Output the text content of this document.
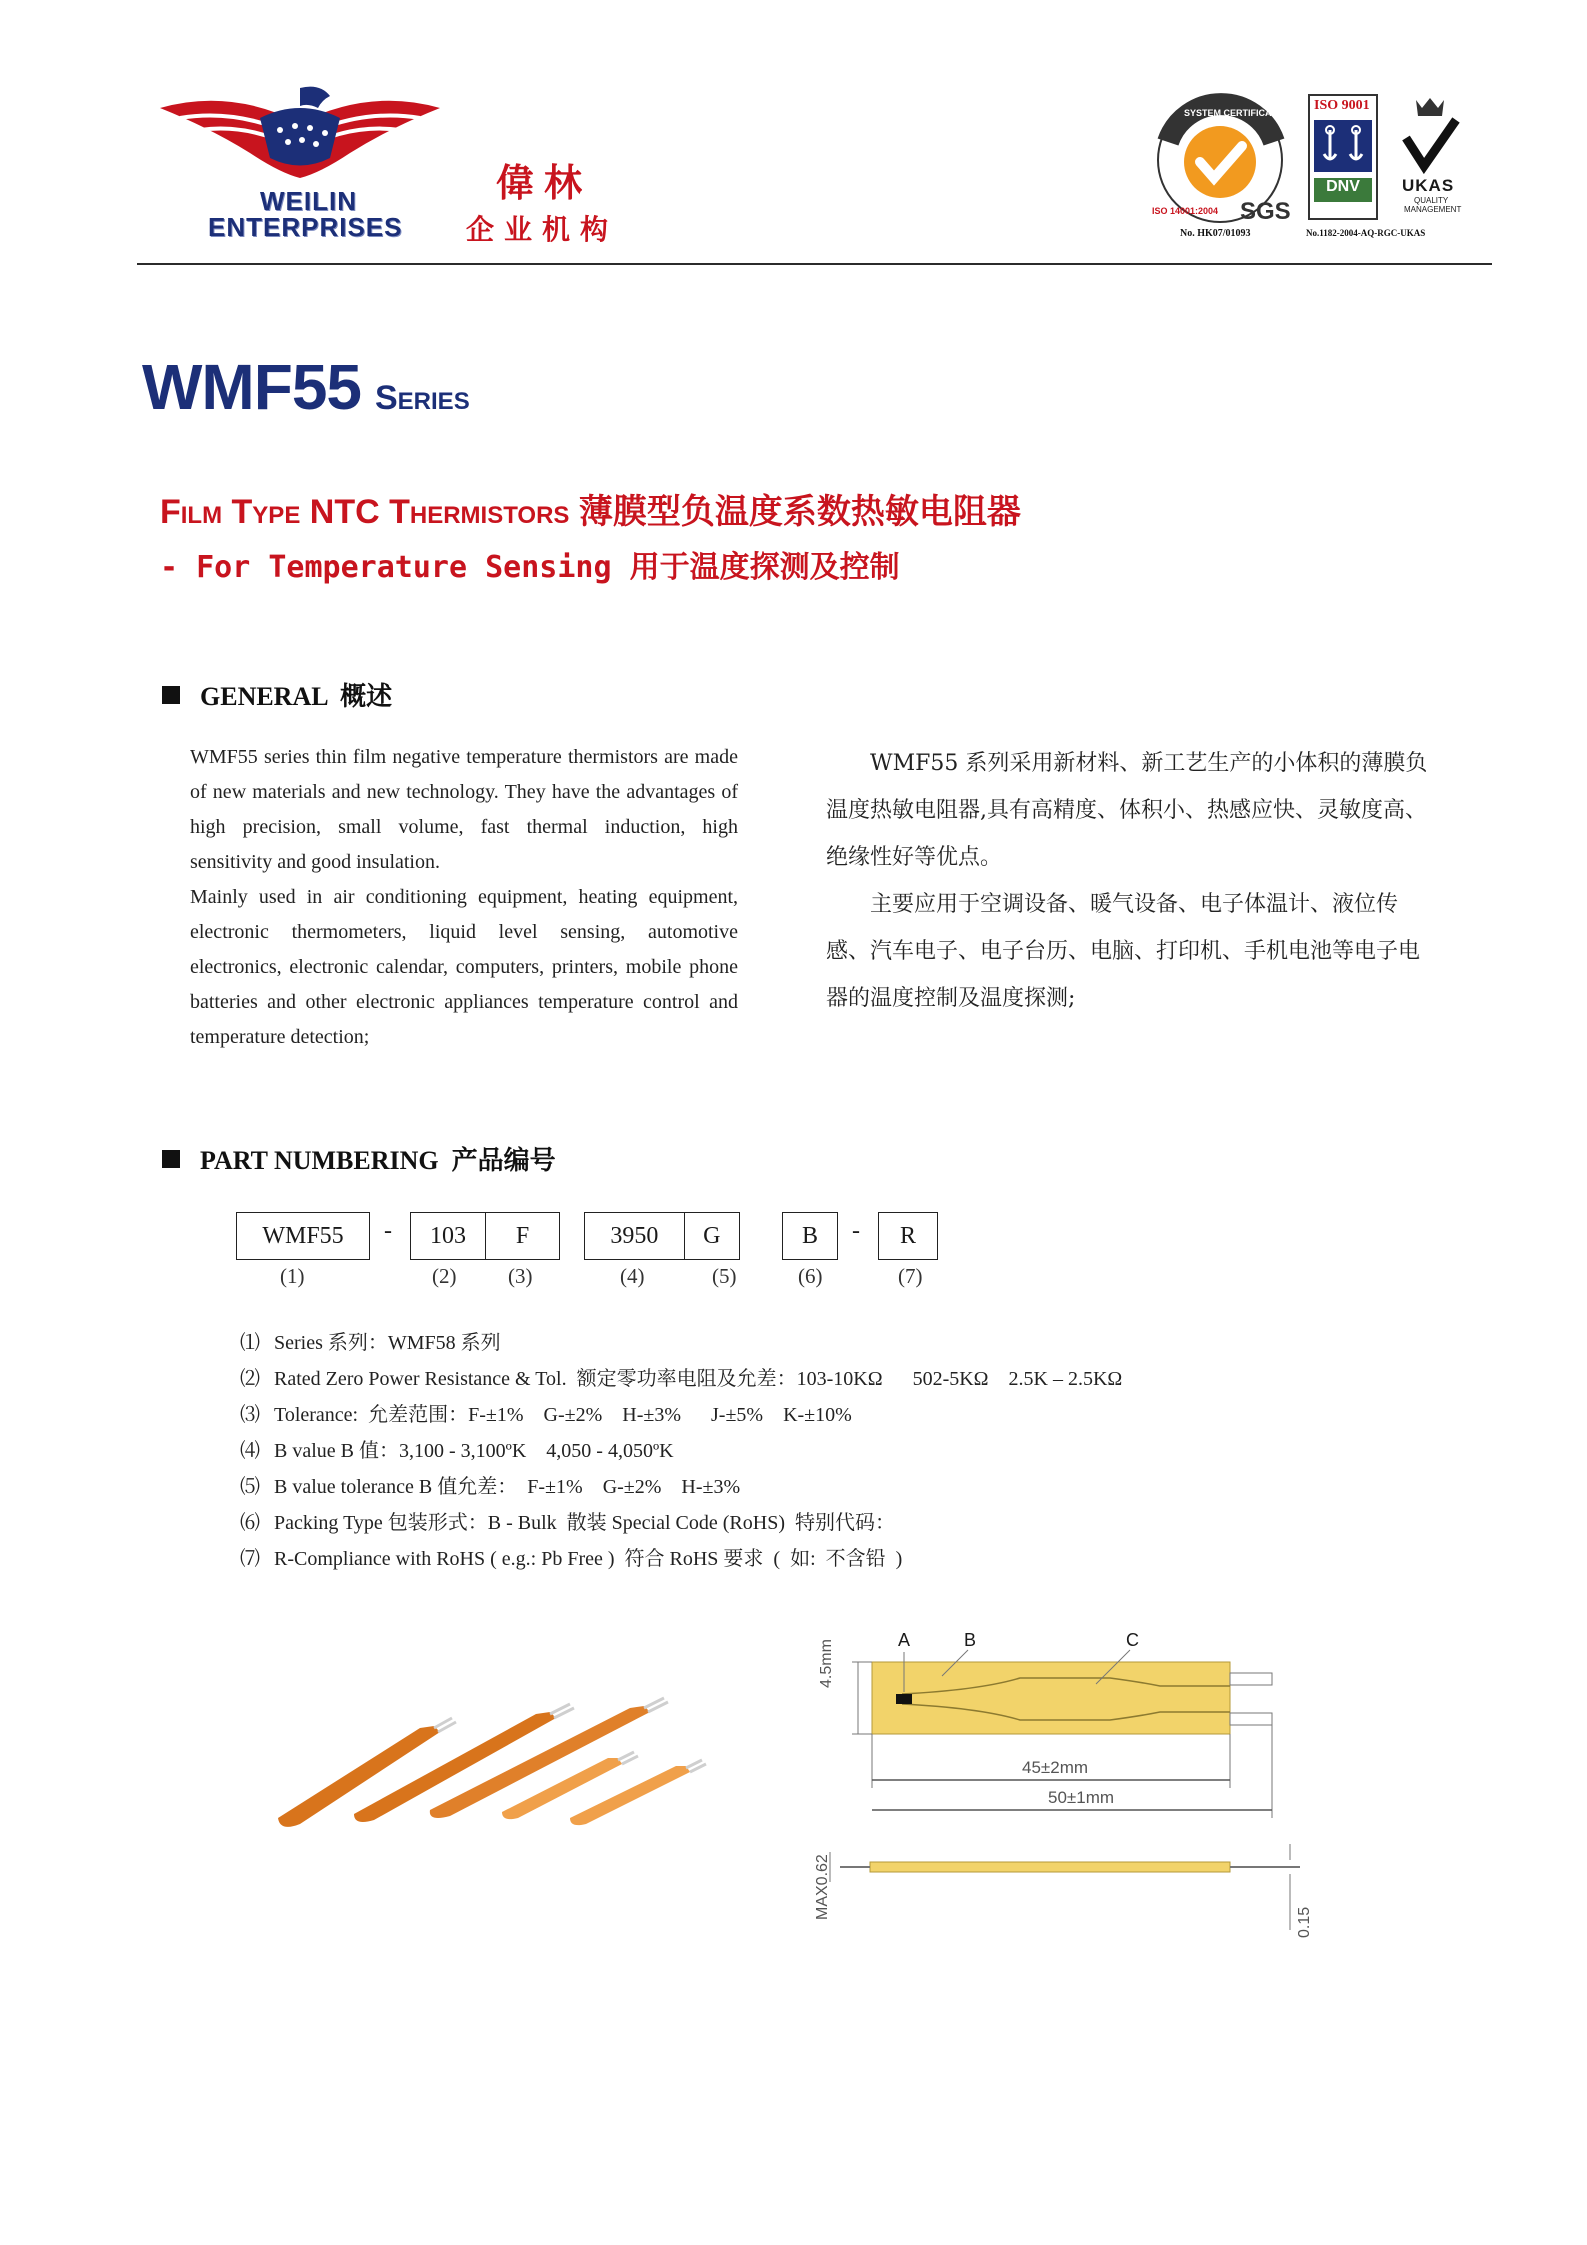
WEILIN
ENTERPRISES
偉林
企业机构
SYSTEM CERTIFICATION
ISO 14001:2004 SGS
No. HK07/01093
ISO 9001
DNV	UKAS
QUALITY
MANAGEMENT
No.1182-2004-AQ-RGC-UKAS
WMF55 Series
Film Type NTC Thermistors 薄膜型负温度系数热敏电阻器
- For Temperature Sensing 用于温度探测及控制
GENERAL  概述

WMF55 series thin film negative temperature thermistors are made of new materials and new technology. They have the advantages of high precision, small volume, fast thermal induction, high sensitivity and good insulation.

Mainly used in air conditioning equipment, heating equipment, electronic thermometers, liquid level sensing, automotive electronics, electronic calendar, computers, printers, mobile phone batteries and other electronic appliances temperature control and temperature detection;

WMF55 系列采用新材料、新工艺生产的小体积的薄膜负温度热敏电阻器,具有高精度、体积小、热感应快、灵敏度高、绝缘性好等优点。

主要应用于空调设备、暖气设备、电子体温计、液位传感、汽车电子、电子台历、电脑、打印机、手机电池等电子电器的温度控制及温度探测;

PART NUMBERING  产品编号
WMF55 -	103	F	3950	G	B - R
(1)	(2) (3)	(4)	(5)	(6)	(7)
⑴ Series 系列：WMF58 系列
⑵ Rated Zero Power Resistance & Tol.  额定零功率电阻及允差：103-10KΩ      502-5KΩ    2.5K – 2.5KΩ
⑶ Tolerance:  允差范围：F-±1%    G-±2%    H-±3%      J-±5%    K-±10%
⑷ B value B 值：3,100 - 3,100ºK    4,050 - 4,050ºK
⑸ B value tolerance B 值允差：  F-±1%    G-±2%    H-±3%
⑹ Packing Type 包装形式：B - Bulk  散装 Special Code (RoHS)  特别代码：
⑺ R-Compliance with RoHS ( e.g.: Pb Free )  符合 RoHS 要求  (  如:  不含铅  )
A	B	C
4.5mm
45±2mm
50±1mm
MAX0.62
0.15
